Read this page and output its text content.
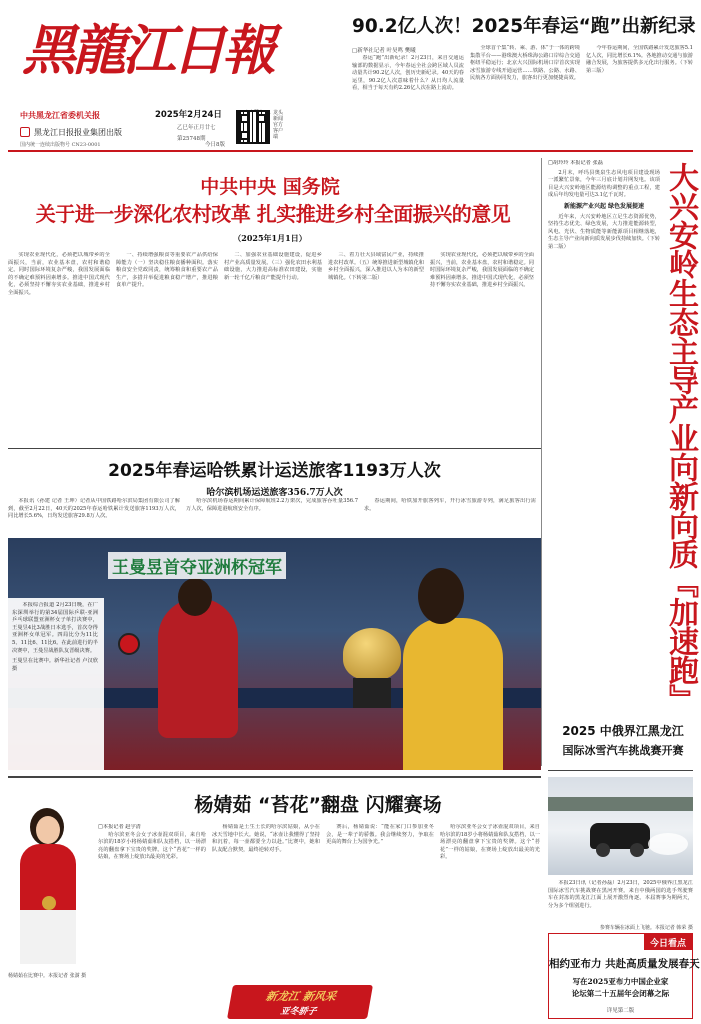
黑龍江日報
中共黑龙江省委机关报
黑龙江日报报业集团出版
国内统一连续出版物号 CN23-0001
2025年2月24日
乙巳年正月廿七
第25748期
今日8版
龙头新闻官方客户端
90.2亿人次！2025年春运“跑”出新纪录
□新华社记者 叶昊鸣 樊曦

春运“跑”出新纪录！2月23日，来自交通运输部的数据显示，今年春运全社会跨区域人员流动量共计90.2亿人次，创历史新纪录。40天的春运里，90.2亿人次意味着什么？从日均人流量看，相当于每天有约2.26亿人次在路上流动。

全球首个集“转、乘、游、体”于一体的跨境集散平台——港珠澳大桥珠海公路口岸综合交通枢纽平稳运行；北京大兴国际机场口岸首次实现冰雪旅游专线开通运营……铁路、公路、水路、民航各方面协同发力，旅客出行更加便捷高效。

今年春运期间，全国铁路累计发送旅客5.1亿人次，同比增长6.1%。各地推动交通与旅游融合发展，为旅客提供多元化出行服务。（下转第三版）

中共中央 国务院
关于进一步深化农村改革 扎实推进乡村全面振兴的意见
（2025年1月1日）

实现农业现代化，必须把以城带乡的全面振兴，当前，农业基本盘，农村和谐稳定。同时国际环境复杂严峻，我国发展面临的不确定难预料因素增多。推进中国式现代化，必须坚持不懈夯实农业基础，推进乡村全面振兴。

一、持续增强粮食等重要农产品供给保障能力（一）坚决稳住粮食播种面积。落实粮食安全党政同责，统筹粮食和重要农产品生产，多措并举促进粮食稳产增产，推进粮食单产提升。

二、加强农业基础设施建设，促进乡村产业高质量发展。（三）强化农田水利基础设施，大力推进高标准农田建设，实施新一轮千亿斤粮食产能提升行动。

三、着力壮大县域富民产业，持续推进农村改革。（五）统筹推进新型城镇化和乡村全面振兴，深入推进以人为本的新型城镇化。（下转第二版）

实现农业现代化，必须把以城带乡的全面振兴，当前，农业基本盘，农村和谐稳定。同时国际环境复杂严峻，我国发展面临的不确定难预料因素增多。推进中国式现代化，必须坚持不懈夯实农业基础，推进乡村全面振兴。

□胡玲玲 本报记者 张磊

2月末，呼玛县奥泉生态风电项目建设现场一派繁忙景象，今年三月底计划并网发电。该项目是大兴安岭地区能源结构调整的重点工程，建成后年均发电量可达3.1亿千瓦时。

新能源产业兴起 绿色发展提速

近年来，大兴安岭地区立足生态资源优势，坚持生态优先、绿色发展，大力推进能源转型，风电、光伏、生物质能等新能源项目相继落地，生态主导产业向新向质发展步伐持续加快。（下转第二版）	大兴安岭生态主导产业向新向质『加速跑』
2025年春运哈铁累计运送旅客1193万人次
哈尔滨机场运送旅客356.7万人次

本报讯（孙建 记者 王坤）记者从中国铁路哈尔滨局集团有限公司了解到，截至2月22日，40天的2025年春运哈铁累计发送旅客1193万人次，同比增长5.6%，日均发送旅客29.8万人次。

哈尔滨机场春运期间累计保障航班2.2万架次，完成旅客吞吐量356.7万人次，保障进港航班安全有序。

春运期间，哈铁加开旅客列车，开行冰雪旅游专列，满足旅客出行需求。

王曼昱首夺亚洲杯冠军

本报综合报道 2月23日晚，在广东深圳举行的第34届国际乒联-亚洲乒乓球联盟亚洲杯女子单打决赛中，王曼昱4比3战胜日本选手，首次夺得亚洲杯女单冠军。四局比分为11比5、11比6、11比6。在此前进行的半决赛中，王曼昱战胜队友晋级决赛。

王曼昱在比赛中。新华社记者 卢汉欣 摄
2025 中俄界江黑龙江
国际冰雪汽车挑战赛开赛
杨婧茹在比赛中。本报记者 张澍 摄
杨婧茹 “苔花”翻盘 闪耀赛场
□本报记者 赵宇清

哈尔滨亚冬会女子冰壶混双项目，来自哈尔滨的18岁小将杨婧茹和队友搭档，以一场漂亮的翻盘拿下宝贵的奖牌。这个“苔花”一样的姑娘，在赛场上绽放出最美的光彩。

杨婧茹是土生土长的哈尔滨姑娘，从小在冰天雪地中长大。她说，“冰壶让我懂得了坚持和沉着，每一壶都要全力以赴。”比赛中，她和队友配合默契，最终逆转对手。

赛后，杨婧茹说：“能在家门口参加亚冬会，是一辈子的骄傲。我会继续努力，争取在更高的舞台上为国争光。”

哈尔滨亚冬会女子冰壶混双项目，来自哈尔滨的18岁小将杨婧茹和队友搭档，以一场漂亮的翻盘拿下宝贵的奖牌。这个“苔花”一样的姑娘，在赛场上绽放出最美的光彩。

新龙江 新风采
亚冬骄子

本报23日讯（记者孙磊）2月23日，2025中俄界江黑龙江国际冰雪汽车挑战赛在黑河开赛。来自中俄两国的选手驾驶赛车在封冻的黑龙江江面上展开激烈角逐。本届赛事为期两天，分为多个组别进行。

参赛车辆在冰面上飞驰。本报记者 韩荣 摄
今日看点
相约亚布力 共赴高质量发展春天
写在2025亚布力中国企业家
论坛第二十五届年会闭幕之际
详见第二版
